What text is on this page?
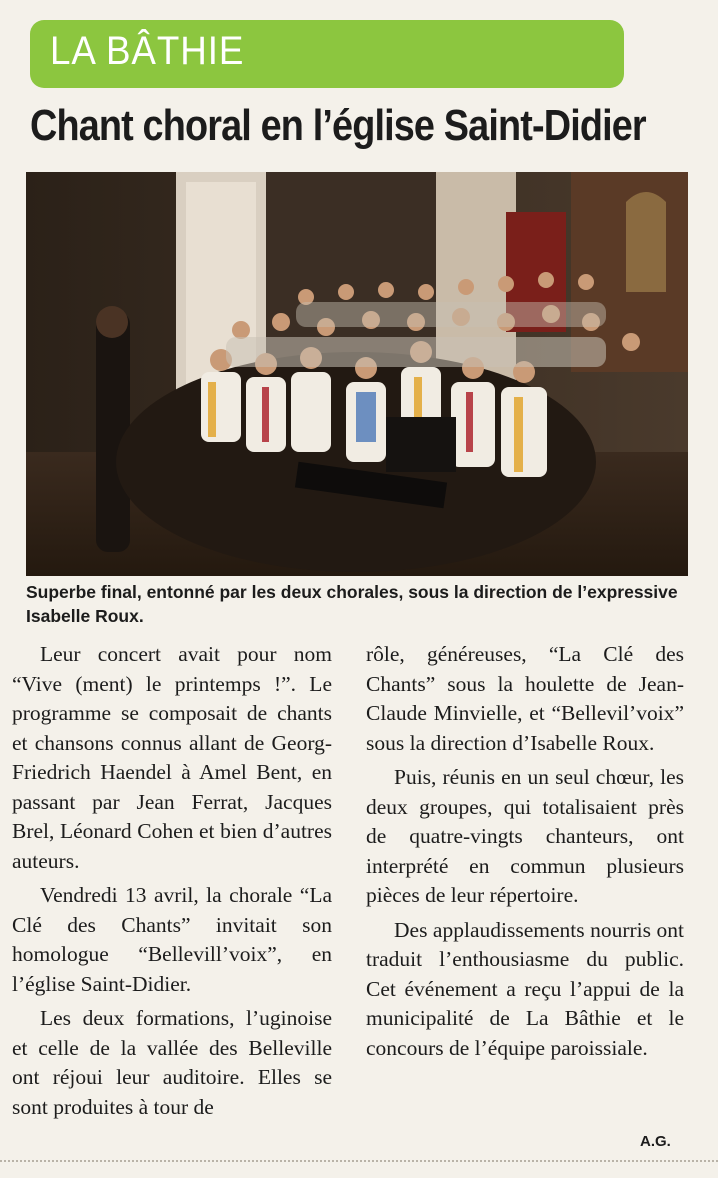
LA BÂTHIE
Chant choral en l’église Saint-Didier
Superbe final, entonné par les deux chorales, sous la direction de l’expressive Isabelle Roux.

Leur concert avait pour nom “Vive (ment) le printemps !”. Le programme se composait de chants et chansons connus allant de Georg-Friedrich Haendel à Amel Bent, en passant par Jean Ferrat, Jacques Brel, Léonard Cohen et bien d’autres auteurs.

Vendredi 13 avril, la chorale “La Clé des Chants” invitait son homologue “Bellevill’voix”, en l’église Saint-Didier.

Les deux formations, l’uginoise et celle de la vallée des Belleville ont réjoui leur auditoire. Elles se sont produites à tour de

rôle, généreuses, “La Clé des Chants” sous la houlette de Jean-Claude Minvielle, et “Bellevil’voix” sous la direction d’Isabelle Roux.

Puis, réunis en un seul chœur, les deux groupes, qui totalisaient près de quatre-vingts chanteurs, ont interprété en commun plusieurs pièces de leur répertoire.

Des applaudissements nourris ont traduit l’enthousiasme du public. Cet événement a reçu l’appui de la municipalité de La Bâthie et le concours de l’équipe paroissiale.

A.G.
